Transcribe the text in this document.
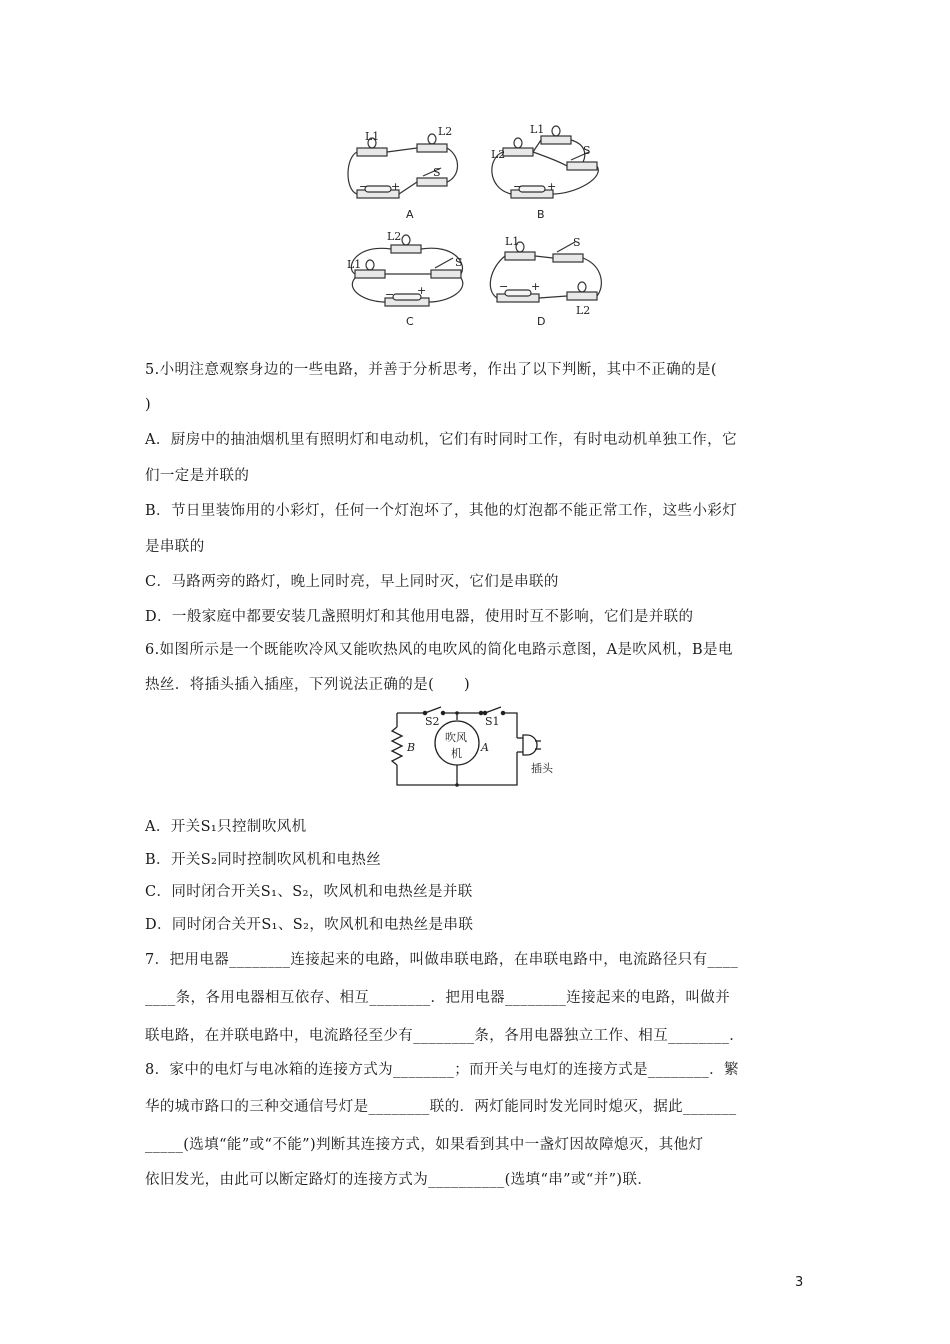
L1	L2
S
− +
A
L1
L2	S
− +
B
L2
L1	S
− +
C
L1
L2
S
− +
D
5.小明注意观察身边的一些电路，并善于分析思考，作出了以下判断，其中不正确的是(
)
A．厨房中的抽油烟机里有照明灯和电动机，它们有时同时工作，有时电动机单独工作，它
们一定是并联的
B．节日里装饰用的小彩灯，任何一个灯泡坏了，其他的灯泡都不能正常工作，这些小彩灯
是串联的
C．马路两旁的路灯，晚上同时亮，早上同时灭，它们是串联的
D．一般家庭中都要安装几盏照明灯和其他用电器，使用时互不影响，它们是并联的
6.如图所示是一个既能吹冷风又能吹热风的电吹风的简化电路示意图，A是吹风机，B是电
热丝．将插头插入插座，下列说法正确的是(　　)
S2	S1
B	A
吹风
机
插头
A．开关S₁只控制吹风机
B．开关S₂同时控制吹风机和电热丝
C．同时闭合开关S₁、S₂，吹风机和电热丝是并联
D．同时闭合关开S₁、S₂，吹风机和电热丝是串联
7．把用电器________连接起来的电路，叫做串联电路，在串联电路中，电流路径只有____
____条，各用电器相互依存、相互________．把用电器________连接起来的电路，叫做并
联电路，在并联电路中，电流路径至少有________条，各用电器独立工作、相互________．
8．家中的电灯与电冰箱的连接方式为________；而开关与电灯的连接方式是________．繁
华的城市路口的三种交通信号灯是________联的．两灯能同时发光同时熄灭，据此_______
_____(选填“能”或“不能”)判断其连接方式，如果看到其中一盏灯因故障熄灭，其他灯
依旧发光，由此可以断定路灯的连接方式为__________(选填“串”或“并”)联．
3
